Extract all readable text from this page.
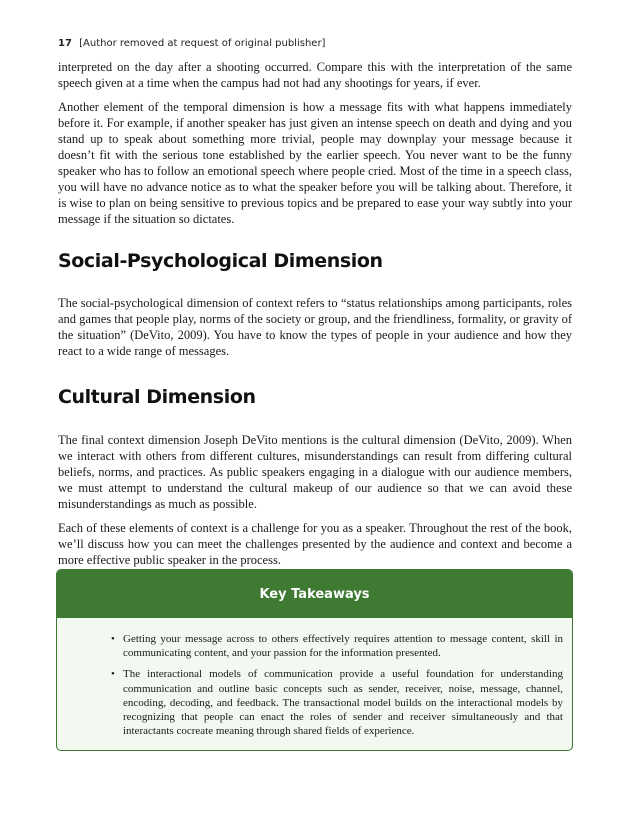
17 [Author removed at request of original publisher]

interpreted on the day after a shooting occurred. Compare this with the interpretation of the same speech given at a time when the campus had not had any shootings for years, if ever.

Another element of the temporal dimension is how a message fits with what happens immediately before it. For example, if another speaker has just given an intense speech on death and dying and you stand up to speak about something more trivial, people may downplay your message because it doesn’t fit with the serious tone established by the earlier speech. You never want to be the funny speaker who has to follow an emotional speech where people cried. Most of the time in a speech class, you will have no advance notice as to what the speaker before you will be talking about. Therefore, it is wise to plan on being sensitive to previous topics and be prepared to ease your way subtly into your message if the situation so dictates.

Social-Psychological Dimension

The social-psychological dimension of context refers to “status relationships among participants, roles and games that people play, norms of the society or group, and the friendliness, formality, or gravity of the situation” (DeVito, 2009). You have to know the types of people in your audience and how they react to a wide range of messages.

Cultural Dimension

The final context dimension Joseph DeVito mentions is the cultural dimension (DeVito, 2009). When we interact with others from different cultures, misunderstandings can result from differing cultural beliefs, norms, and practices. As public speakers engaging in a dialogue with our audience members, we must attempt to understand the cultural makeup of our audience so that we can avoid these misunderstandings as much as possible.

Each of these elements of context is a challenge for you as a speaker. Throughout the rest of the book, we’ll discuss how you can meet the challenges presented by the audience and context and become a more effective public speaker in the process.

Key Takeaways
• Getting your message across to others effectively requires attention to message content, skill in communicating content, and your passion for the information presented.
• The interactional models of communication provide a useful foundation for understanding communication and outline basic concepts such as sender, receiver, noise, message, channel, encoding, decoding, and feedback. The transactional model builds on the interactional models by recognizing that people can enact the roles of sender and receiver simultaneously and that interactants cocreate meaning through shared fields of experience.
